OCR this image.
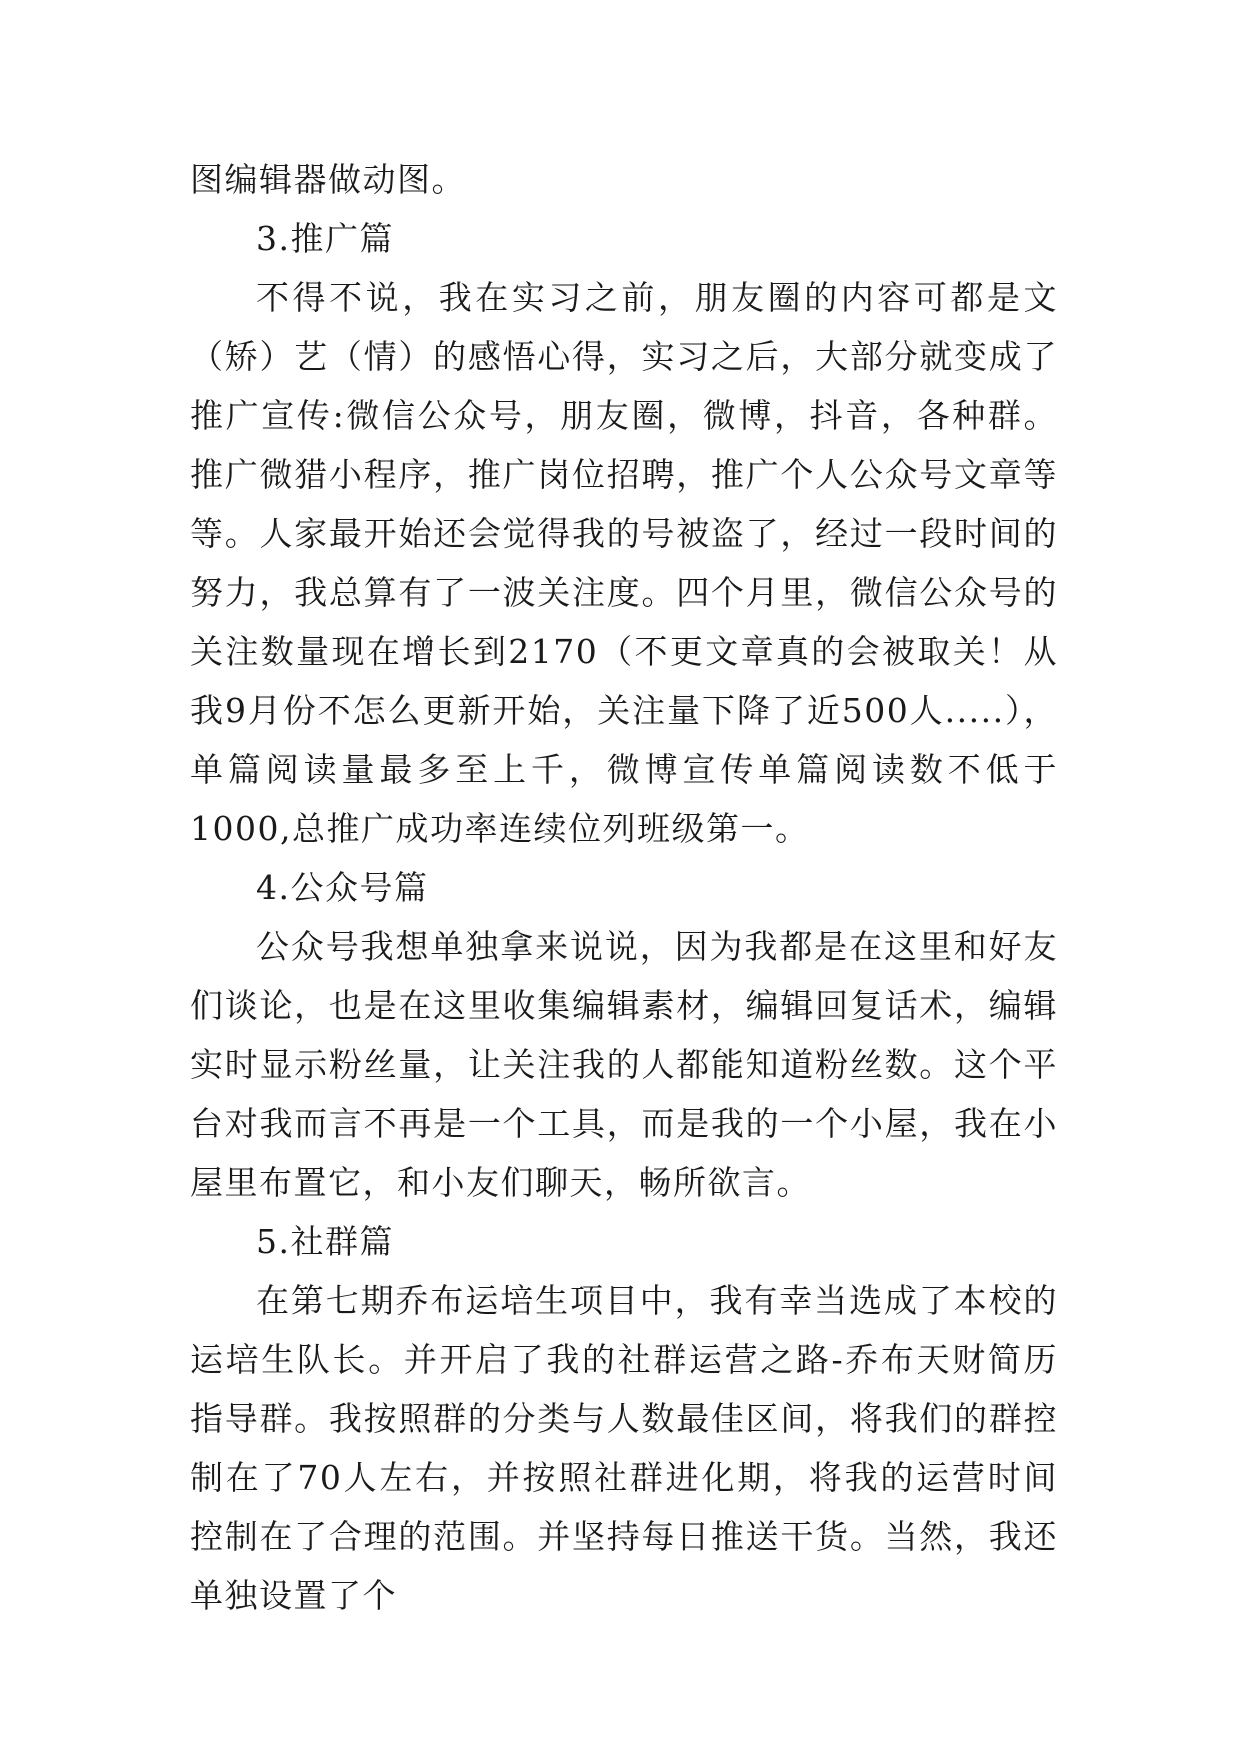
图编辑器做动图。

3.推广篇

不得不说，我在实习之前，朋友圈的内容可都是文（矫）艺（情）的感悟心得，实习之后，大部分就变成了推广宣传:微信公众号，朋友圈，微博，抖音，各种群。推广微猎小程序，推广岗位招聘，推广个人公众号文章等等。人家最开始还会觉得我的号被盗了，经过一段时间的努力，我总算有了一波关注度。四个月里，微信公众号的关注数量现在增长到2170（不更文章真的会被取关！从我9月份不怎么更新开始，关注量下降了近500人.....），单篇阅读量最多至上千，微博宣传单篇阅读数不低于1000,总推广成功率连续位列班级第一。

4.公众号篇

公众号我想单独拿来说说，因为我都是在这里和好友们谈论，也是在这里收集编辑素材，编辑回复话术，编辑实时显示粉丝量，让关注我的人都能知道粉丝数。这个平台对我而言不再是一个工具，而是我的一个小屋，我在小屋里布置它，和小友们聊天，畅所欲言。

5.社群篇

在第七期乔布运培生项目中，我有幸当选成了本校的运培生队长。并开启了我的社群运营之路-乔布天财简历指导群。我按照群的分类与人数最佳区间，将我们的群控制在了70人左右，并按照社群进化期，将我的运营时间控制在了合理的范围。并坚持每日推送干货。当然，我还单独设置了个
